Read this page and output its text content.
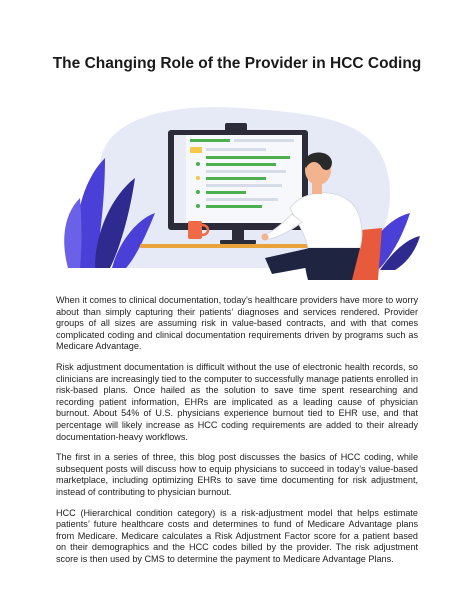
The Changing Role of the Provider in HCC Coding

When it comes to clinical documentation, today’s healthcare providers have more to worry about than simply capturing their patients’ diagnoses and services rendered. Provider groups of all sizes are assuming risk in value-based contracts, and with that comes complicated coding and clinical documentation requirements driven by programs such as Medicare Advantage.

Risk adjustment documentation is difficult without the use of electronic health records, so clinicians are increasingly tied to the computer to successfully manage patients enrolled in risk-based plans. Once hailed as the solution to save time spent researching and recording patient information, EHRs are implicated as a leading cause of physician burnout. About 54% of U.S. physicians experience burnout tied to EHR use, and that percentage will likely increase as HCC coding requirements are added to their already documentation-heavy workflows.

The first in a series of three, this blog post discusses the basics of HCC coding, while subsequent posts will discuss how to equip physicians to succeed in today’s value-based marketplace, including optimizing EHRs to save time documenting for risk adjustment, instead of contributing to physician burnout.

HCC (Hierarchical condition category) is a risk-adjustment model that helps estimate patients’ future healthcare costs and determines to fund of Medicare Advantage plans from Medicare. Medicare calculates a Risk Adjustment Factor score for a patient based on their demographics and the HCC codes billed by the provider. The risk adjustment score is then used by CMS to determine the payment to Medicare Advantage Plans.
